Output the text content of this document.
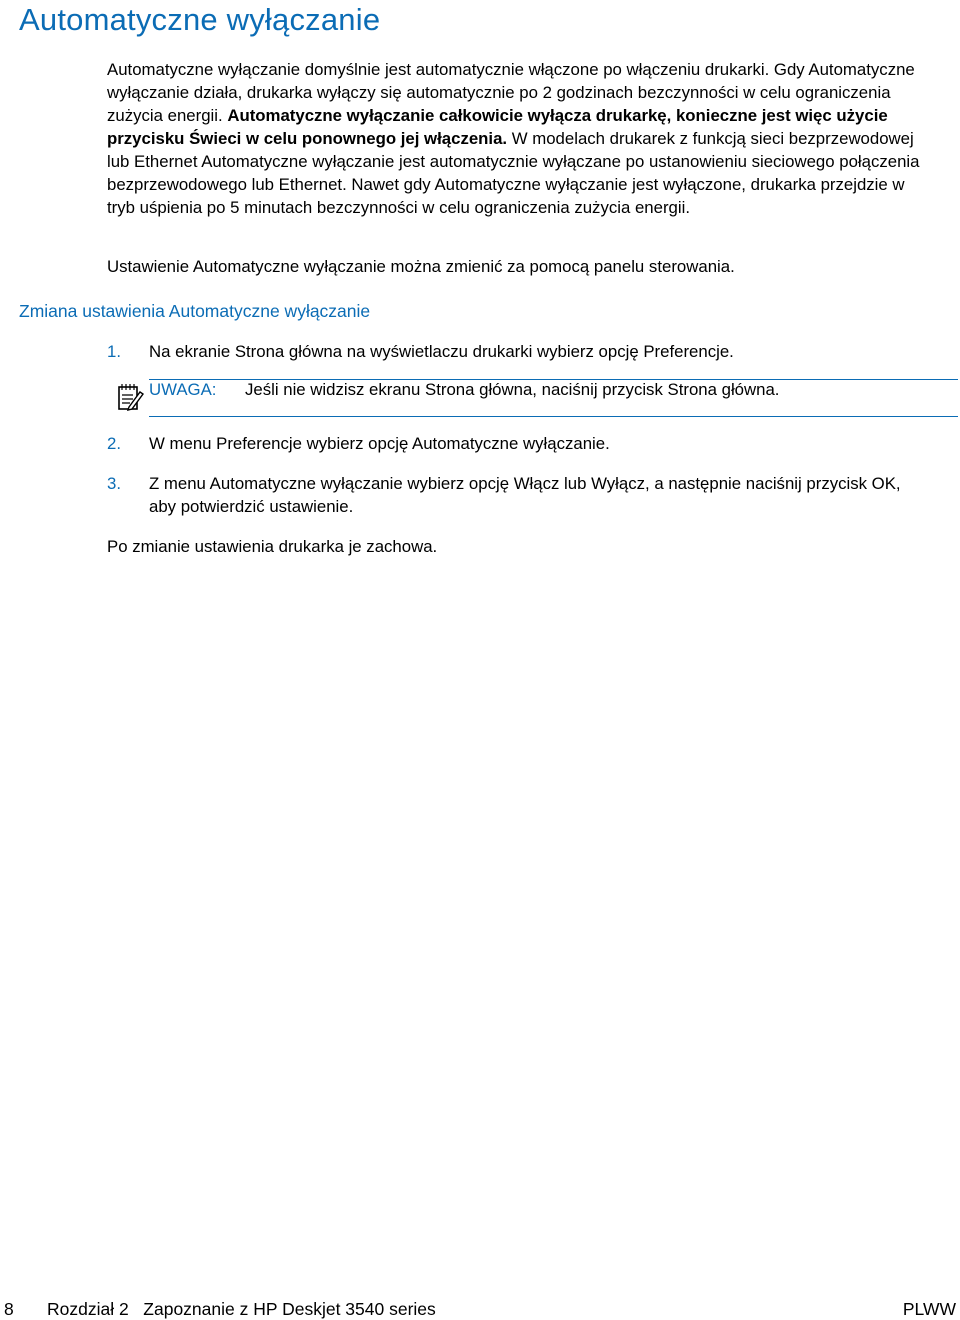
Automatyczne wyłączanie

Automatyczne wyłączanie domyślnie jest automatycznie włączone po włączeniu drukarki. Gdy Automatyczne wyłączanie działa, drukarka wyłączy się automatycznie po 2 godzinach bezczynności w celu ograniczenia zużycia energii. Automatyczne wyłączanie całkowicie wyłącza drukarkę, konieczne jest więc użycie przycisku Świeci w celu ponownego jej włączenia. W modelach drukarek z funkcją sieci bezprzewodowej lub Ethernet Automatyczne wyłączanie jest automatycznie wyłączane po ustanowieniu sieciowego połączenia bezprzewodowego lub Ethernet. Nawet gdy Automatyczne wyłączanie jest wyłączone, drukarka przejdzie w tryb uśpienia po 5 minutach bezczynności w celu ograniczenia zużycia energii.

Ustawienie Automatyczne wyłączanie można zmienić za pomocą panelu sterowania.

Zmiana ustawienia Automatyczne wyłączanie
1. Na ekranie Strona główna na wyświetlaczu drukarki wybierz opcję Preferencje.
UWAGA: Jeśli nie widzisz ekranu Strona główna, naciśnij przycisk Strona główna.
2. W menu Preferencje wybierz opcję Automatyczne wyłączanie.
3. Z menu Automatyczne wyłączanie wybierz opcję Włącz lub Wyłącz, a następnie naciśnij przycisk OK, aby potwierdzić ustawienie.

Po zmianie ustawienia drukarka je zachowa.

8 Rozdział 2   Zapoznanie z HP Deskjet 3540 series	PLWW
